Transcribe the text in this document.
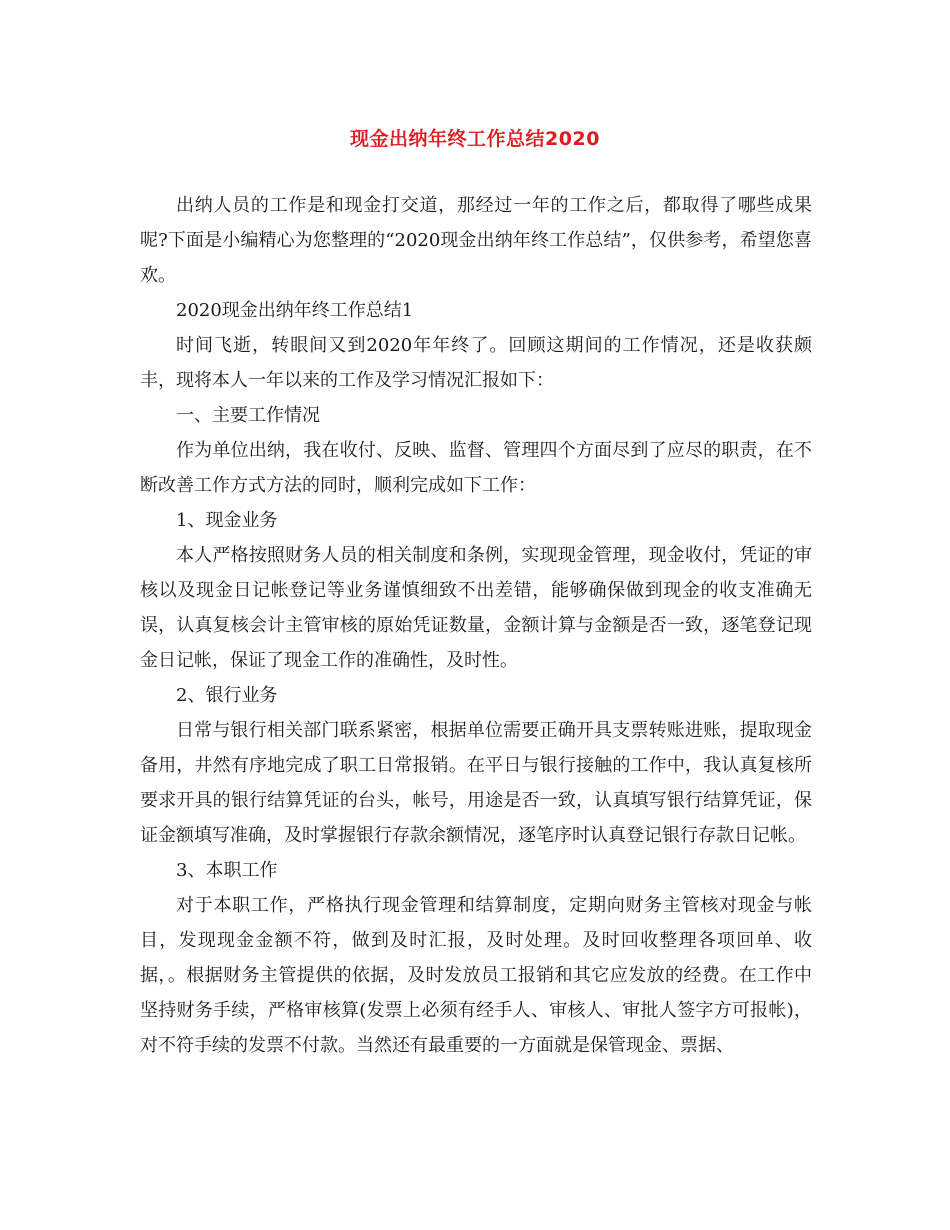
现金出纳年终工作总结2020

出纳人员的工作是和现金打交道，那经过一年的工作之后，都取得了哪些成果呢?下面是小编精心为您整理的“2020现金出纳年终工作总结”，仅供参考，希望您喜欢。

2020现金出纳年终工作总结1

时间飞逝，转眼间又到2020年年终了。回顾这期间的工作情况，还是收获颇丰，现将本人一年以来的工作及学习情况汇报如下：

一、主要工作情况

作为单位出纳，我在收付、反映、监督、管理四个方面尽到了应尽的职责，在不断改善工作方式方法的同时，顺利完成如下工作：

1、现金业务

本人严格按照财务人员的相关制度和条例，实现现金管理，现金收付，凭证的审核以及现金日记帐登记等业务谨慎细致不出差错，能够确保做到现金的收支准确无误，认真复核会计主管审核的原始凭证数量，金额计算与金额是否一致，逐笔登记现金日记帐，保证了现金工作的准确性，及时性。

2、银行业务

日常与银行相关部门联系紧密，根据单位需要正确开具支票转账进账，提取现金备用，井然有序地完成了职工日常报销。在平日与银行接触的工作中，我认真复核所要求开具的银行结算凭证的台头，帐号，用途是否一致，认真填写银行结算凭证，保证金额填写准确，及时掌握银行存款余额情况，逐笔序时认真登记银行存款日记帐。

3、本职工作

对于本职工作，严格执行现金管理和结算制度，定期向财务主管核对现金与帐目，发现现金金额不符，做到及时汇报，及时处理。及时回收整理各项回单、收据，。根据财务主管提供的依据，及时发放员工报销和其它应发放的经费。在工作中坚持财务手续，严格审核算(发票上必须有经手人、审核人、审批人签字方可报帐)，对不符手续的发票不付款。当然还有最重要的一方面就是保管现金、票据、
